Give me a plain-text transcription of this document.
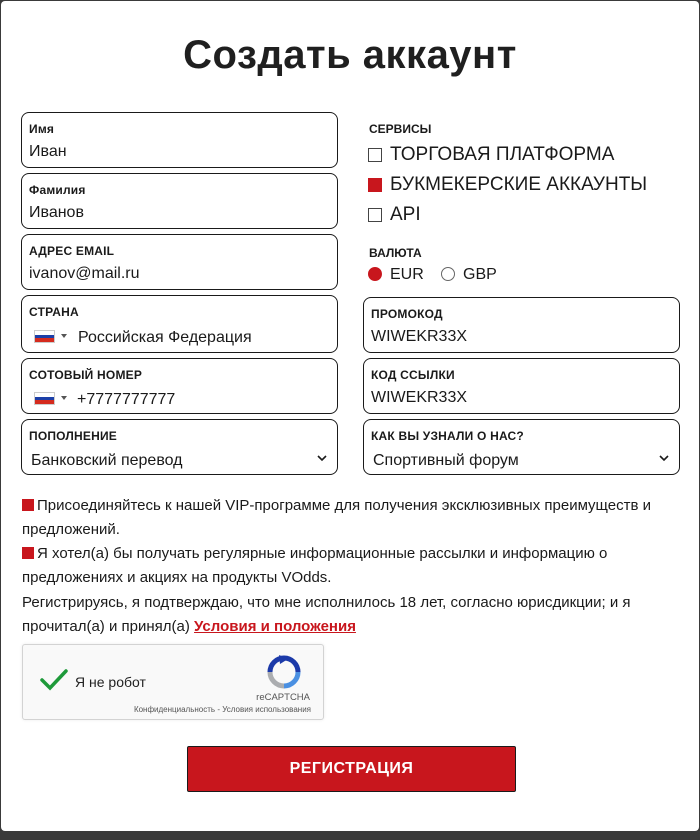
Создать аккаунт
Имя
Иван
Фамилия
Иванов
АДРЕС EMAIL
ivanov@mail.ru
СТРАНА
Российская Федерация
СОТОВЫЙ НОМЕР
+7777777777
ПОПОЛНЕНИЕ
Банковский перевод
СЕРВИСЫ
ТОРГОВАЯ ПЛАТФОРМА
БУКМЕКЕРСКИЕ АККАУНТЫ
API
ВАЛЮТА
EUR GBP
ПРОМОКОД
WIWEKR33X
КОД ССЫЛКИ
WIWEKR33X
КАК ВЫ УЗНАЛИ О НАС?
Спортивный форум
Присоединяйтесь к нашей VIP-программе для получения эксклюзивных преимуществ и предложений.
Я хотел(а) бы получать регулярные информационные рассылки и информацию о предложениях и акциях на продукты VOdds.
Регистрируясь, я подтверждаю, что мне исполнилось 18 лет, согласно юрисдикции; и я прочитал(а) и принял(а) Условия и положения
Я не робот
reCAPTCHA
Конфиденциальность - Условия использования
РЕГИСТРАЦИЯ
